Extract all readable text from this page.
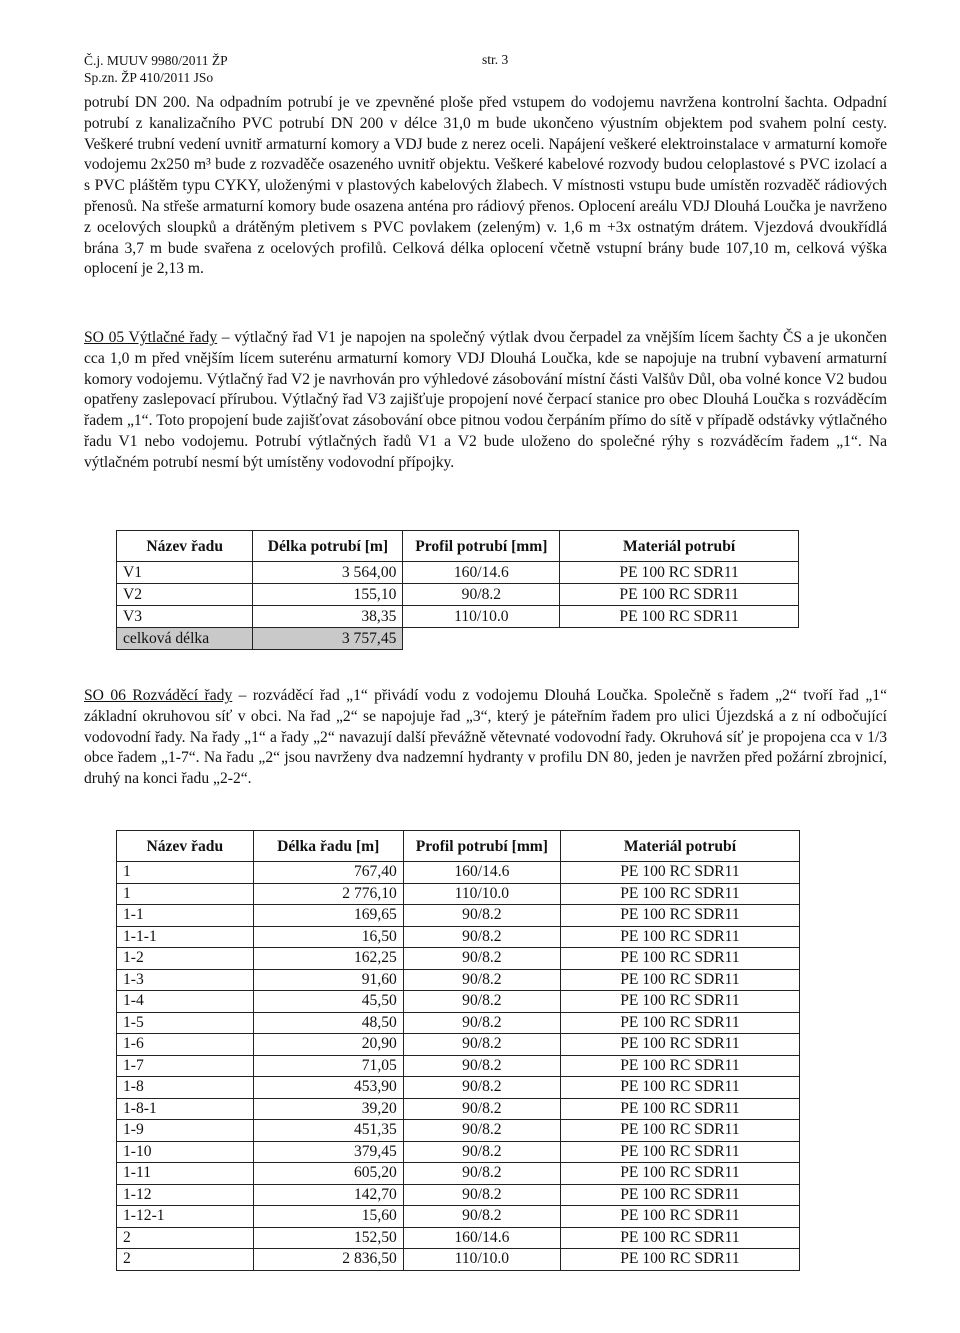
Č.j. MUUV 9980/2011 ŽP
Sp.zn. ŽP 410/2011 JSo
str. 3
potrubí DN 200. Na odpadním potrubí je ve zpevněné ploše před vstupem do vodojemu navržena kontrolní šachta. Odpadní potrubí z kanalizačního PVC potrubí DN 200 v délce 31,0 m bude ukončeno výustním objektem pod svahem polní cesty. Veškeré trubní vedení uvnitř armaturní komory a VDJ bude z nerez oceli. Napájení veškeré elektroinstalace v armaturní komoře vodojemu 2x250 m³ bude z rozvaděče osazeného uvnitř objektu. Veškeré kabelové rozvody budou celoplastové s PVC izolací a s PVC pláštěm typu CYKY, uloženými v plastových kabelových žlabech. V místnosti vstupu bude umístěn rozvaděč rádiových přenosů. Na střeše armaturní komory bude osazena anténa pro rádiový přenos. Oplocení areálu VDJ Dlouhá Loučka je navrženo z ocelových sloupků a drátěným pletivem s PVC povlakem (zeleným) v. 1,6 m +3x ostnatým drátem. Vjezdová dvoukřídlá brána 3,7 m bude svařena z ocelových profilů. Celková délka oplocení včetně vstupní brány bude 107,10 m, celková výška oplocení je 2,13 m.
SO 05 Výtlačné řady – výtlačný řad V1 je napojen na společný výtlak dvou čerpadel za vnějším lícem šachty ČS a je ukončen cca 1,0 m před vnějším lícem suterénu armaturní komory VDJ Dlouhá Loučka, kde se napojuje na trubní vybavení armaturní komory vodojemu. Výtlačný řad V2 je navrhován pro výhledové zásobování místní části Valšův Důl, oba volné konce V2 budou opatřeny zaslepovací přírubou. Výtlačný řad V3 zajišťuje propojení nové čerpací stanice pro obec Dlouhá Loučka s rozváděcím řadem „1“. Toto propojení bude zajišťovat zásobování obce pitnou vodou čerpáním přímo do sítě v případě odstávky výtlačného řadu V1 nebo vodojemu. Potrubí výtlačných řadů V1 a V2 bude uloženo do společné rýhy s rozváděcím řadem „1“. Na výtlačném potrubí nesmí být umístěny vodovodní přípojky.
Název řadu	Délka potrubí [m]	Profil potrubí [mm]	Materiál potrubí
V1	3 564,00	160/14.6	PE 100 RC SDR11
V2	155,10	90/8.2	PE 100 RC SDR11
V3	38,35	110/10.0	PE 100 RC SDR11
celková délka	3 757,45		
SO 06 Rozváděcí řady – rozváděcí řad „1“ přivádí vodu z vodojemu Dlouhá Loučka. Společně s řadem „2“ tvoří řad „1“ základní okruhovou síť v obci. Na řad „2“ se napojuje řad „3“, který je páteřním řadem pro ulici Újezdská a z ní odbočující vodovodní řady. Na řady „1“ a řady „2“ navazují další převážně větevnaté vodovodní řady. Okruhová síť je propojena cca v 1/3 obce řadem „1-7“. Na řadu „2“ jsou navrženy dva nadzemní hydranty v profilu DN 80, jeden je navržen před požární zbrojnicí, druhý na konci řadu „2-2“.
Název řadu	Délka řadu [m]	Profil potrubí [mm]	Materiál potrubí
1	767,40	160/14.6	PE 100 RC SDR11
1	2 776,10	110/10.0	PE 100 RC SDR11
1-1	169,65	90/8.2	PE 100 RC SDR11
1-1-1	16,50	90/8.2	PE 100 RC SDR11
1-2	162,25	90/8.2	PE 100 RC SDR11
1-3	91,60	90/8.2	PE 100 RC SDR11
1-4	45,50	90/8.2	PE 100 RC SDR11
1-5	48,50	90/8.2	PE 100 RC SDR11
1-6	20,90	90/8.2	PE 100 RC SDR11
1-7	71,05	90/8.2	PE 100 RC SDR11
1-8	453,90	90/8.2	PE 100 RC SDR11
1-8-1	39,20	90/8.2	PE 100 RC SDR11
1-9	451,35	90/8.2	PE 100 RC SDR11
1-10	379,45	90/8.2	PE 100 RC SDR11
1-11	605,20	90/8.2	PE 100 RC SDR11
1-12	142,70	90/8.2	PE 100 RC SDR11
1-12-1	15,60	90/8.2	PE 100 RC SDR11
2	152,50	160/14.6	PE 100 RC SDR11
2	2 836,50	110/10.0	PE 100 RC SDR11
